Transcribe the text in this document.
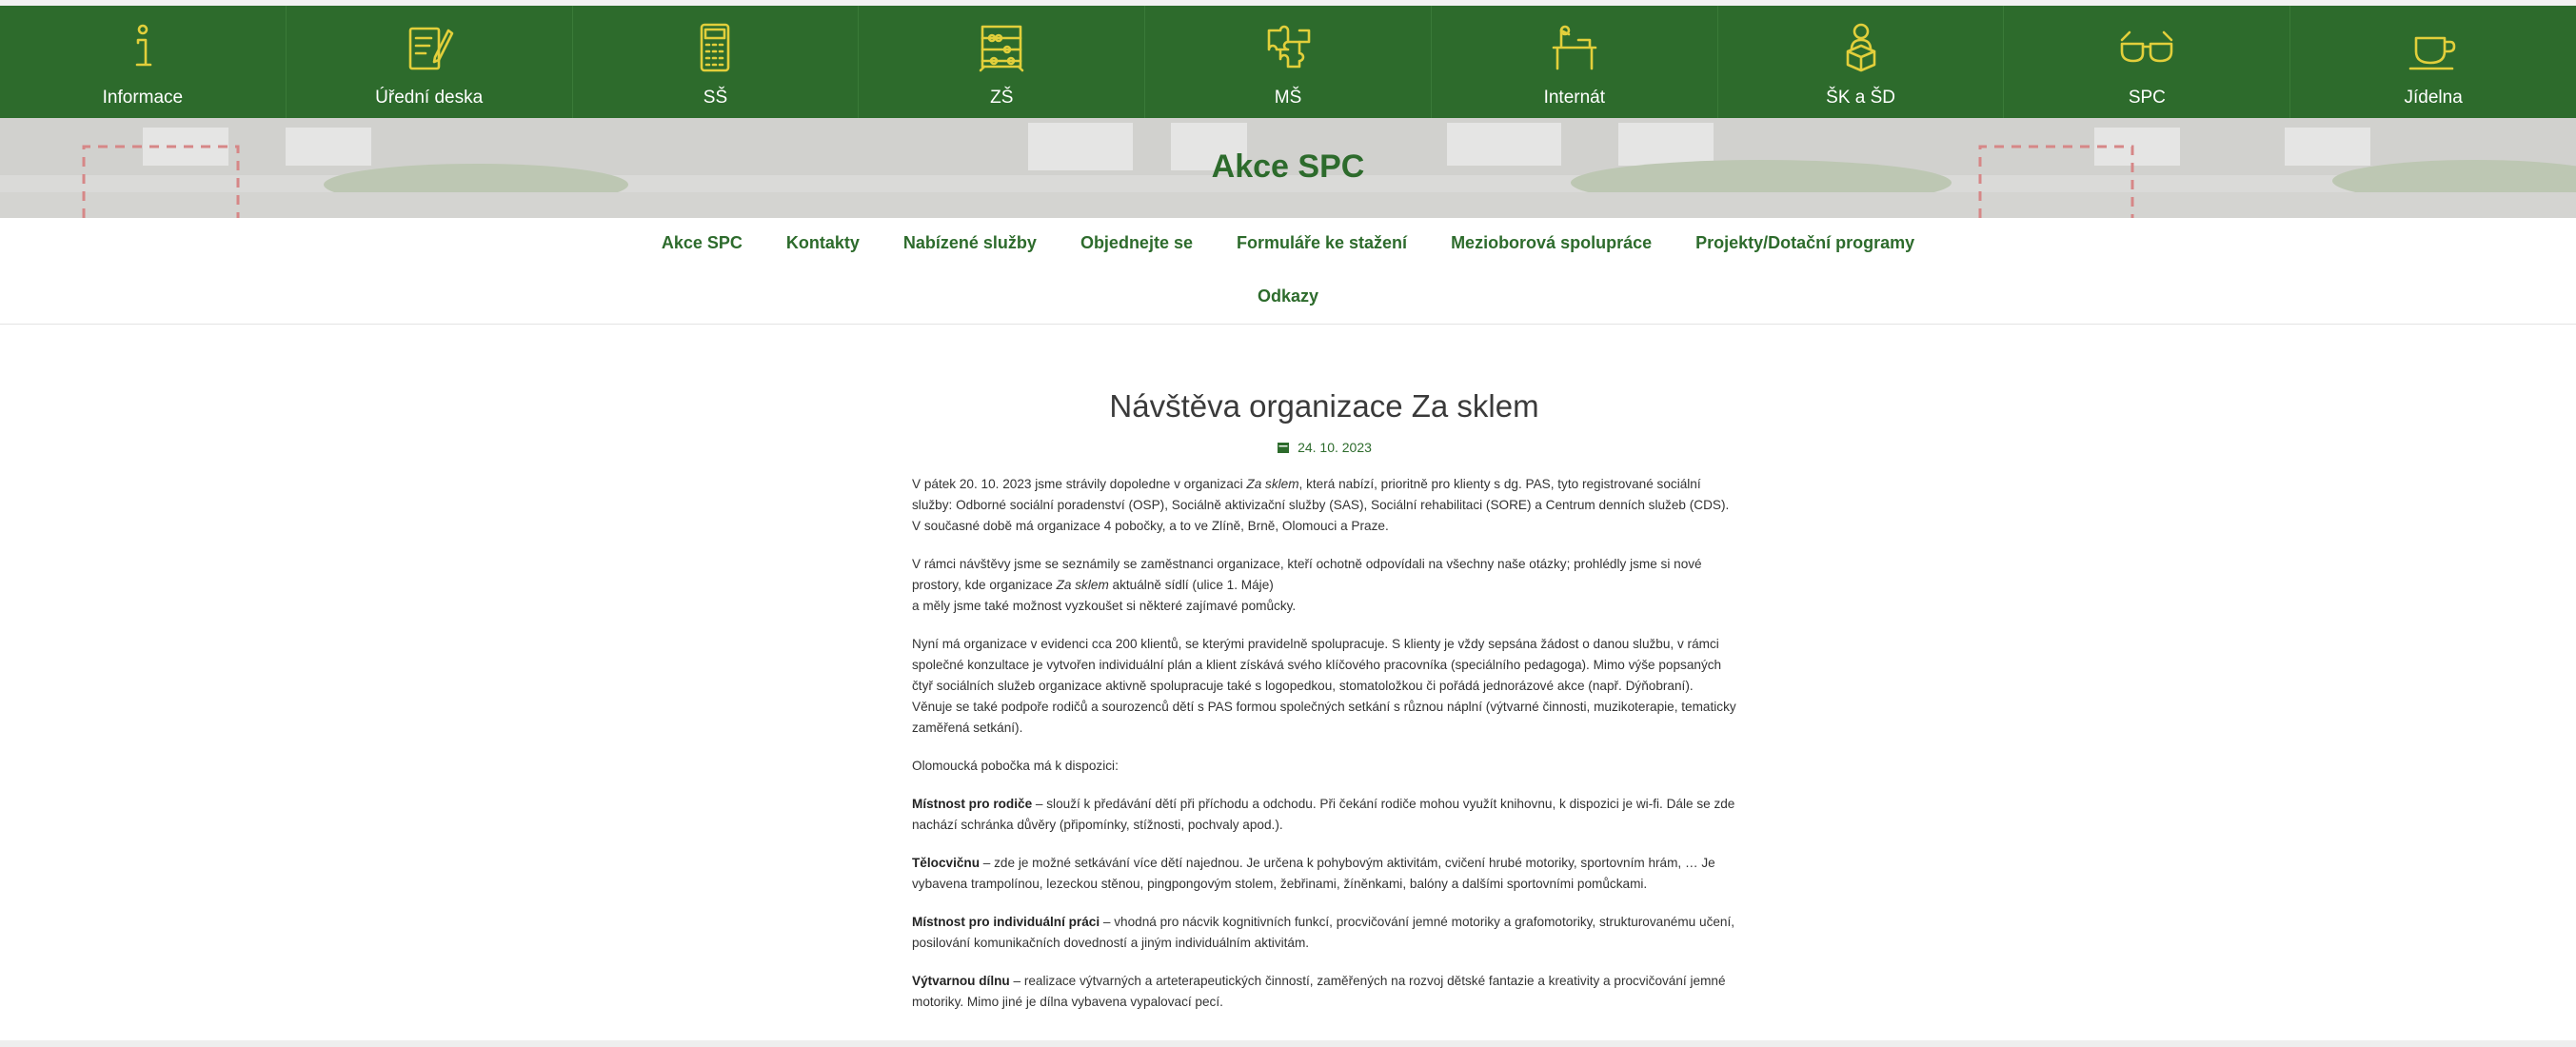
Informace	Úřední deska	SŠ	ZŠ	MŠ	Internát	ŠK a ŠD	SPC	Jídelna
Akce SPC
Akce SPC	Kontakty	Nabízené služby	Objednejte se	Formuláře ke stažení	Mezioborová spolupráce	Projekty/Dotační programy
Odkazy
Návštěva organizace Za sklem
24. 10. 2023

V pátek 20. 10. 2023 jsme strávily dopoledne v organizaci Za sklem, která nabízí, prioritně pro klienty s dg. PAS, tyto registrované sociální služby: Odborné sociální poradenství (OSP), Sociálně aktivizační služby (SAS), Sociální rehabilitaci (SORE) a Centrum denních služeb (CDS). V současné době má organizace 4 pobočky, a to ve Zlíně, Brně, Olomouci a Praze.

V rámci návštěvy jsme se seznámily se zaměstnanci organizace, kteří ochotně odpovídali na všechny naše otázky; prohlédly jsme si nové prostory, kde organizace Za sklem aktuálně sídlí (ulice 1. Máje)
a měly jsme také možnost vyzkoušet si některé zajímavé pomůcky.

Nyní má organizace v evidenci cca 200 klientů, se kterými pravidelně spolupracuje. S klienty je vždy sepsána žádost o danou službu, v rámci společné konzultace je vytvořen individuální plán a klient získává svého klíčového pracovníka (speciálního pedagoga). Mimo výše popsaných čtyř sociálních služeb organizace aktivně spolupracuje také s logopedkou, stomatoložkou či pořádá jednorázové akce (např. Dýňobraní). Věnuje se také podpoře rodičů a sourozenců dětí s PAS formou společných setkání s různou náplní (výtvarné činnosti, muzikoterapie, tematicky zaměřená setkání).

Olomoucká pobočka má k dispozici:

Místnost pro rodiče – slouží k předávání dětí při příchodu a odchodu. Při čekání rodiče mohou využít knihovnu, k dispozici je wi-fi. Dále se zde nachází schránka důvěry (připomínky, stížnosti, pochvaly apod.).

Tělocvičnu – zde je možné setkávání více dětí najednou. Je určena k pohybovým aktivitám, cvičení hrubé motoriky, sportovním hrám, … Je vybavena trampolínou, lezeckou stěnou, pingpongovým stolem, žebřinami, žíněnkami, balóny a dalšími sportovními pomůckami.

Místnost pro individuální práci – vhodná pro nácvik kognitivních funkcí, procvičování jemné motoriky a grafomotoriky, strukturovanému učení, posilování komunikačních dovedností a jiným individuálním aktivitám.

Výtvarnou dílnu – realizace výtvarných a arteterapeutických činností, zaměřených na rozvoj dětské fantazie a kreativity a procvičování jemné motoriky. Mimo jiné je dílna vybavena vypalovací pecí.
